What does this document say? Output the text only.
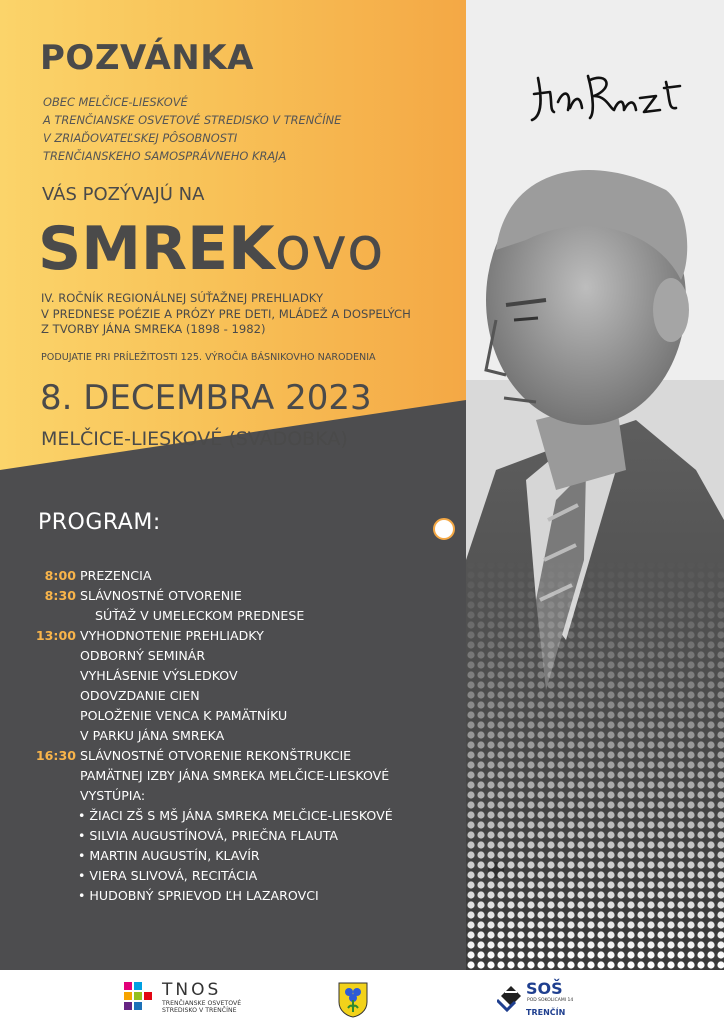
POZVÁNKA
OBEC MELČICE-LIESKOVÉ
A TRENČIANSKE OSVETOVÉ STREDISKO V TRENČÍNE
V ZRIAĎOVATEĽSKEJ PÔSOBNOSTI
TRENČIANSKEHO SAMOSPRÁVNEHO KRAJA
VÁS POZÝVAJÚ NA
SMREKovo
IV. ROČNÍK REGIONÁLNEJ SÚŤAŽNEJ PREHLIADKY
V PREDNESE POÉZIE A PRÓZY PRE DETI, MLÁDEŽ A DOSPELÝCH
Z TVORBY JÁNA SMREKA (1898 - 1982)
PODUJATIE PRI PRÍLEŽITOSTI 125. VÝROČIA BÁSNIKOVHO NARODENIA
8. DECEMBRA 2023
MELČICE-LIESKOVÉ (SVADOBKA)
PROGRAM:
8:00 PREZENCIA
8:30 SLÁVNOSTNÉ OTVORENIE
SÚŤAŽ V UMELECKOM PREDNESE
13:00 VYHODNOTENIE PREHLIADKY
ODBORNÝ SEMINÁR
VYHLÁSENIE VÝSLEDKOV
ODOVZDANIE CIEN
POLOŽENIE VENCA K PAMÄTNÍKU
V PARKU JÁNA SMREKA
16:30 SLÁVNOSTNÉ OTVORENIE REKONŠTRUKCIE
PAMÄTNEJ IZBY JÁNA SMREKA MELČICE-LIESKOVÉ
VYSTÚPIA:
• ŽIACI ZŠ S MŠ JÁNA SMREKA MELČICE-LIESKOVÉ
• SILVIA AUGUSTÍNOVÁ, PRIEČNA FLAUTA
• MARTIN AUGUSTÍN, KLAVÍR
• VIERA SLIVOVÁ, RECITÁCIA
• HUDOBNÝ SPRIEVOD ĽH LAZAROVCI
TNOS
TRENČIANSKE OSVETOVÉ
STREDISKO V TRENČÍNE
SOŠ
POD SOKOLICAMI 14
TRENČÍN
